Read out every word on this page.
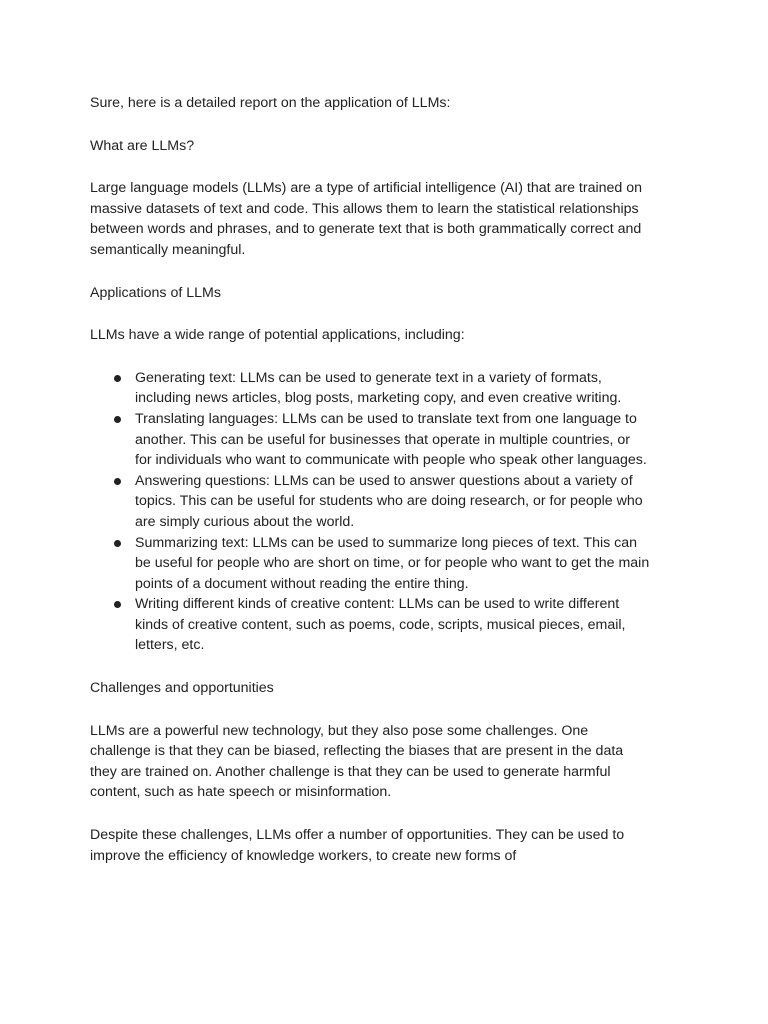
Sure, here is a detailed report on the application of LLMs:

What are LLMs?

Large language models (LLMs) are a type of artificial intelligence (AI) that are trained on massive datasets of text and code. This allows them to learn the statistical relationships between words and phrases, and to generate text that is both grammatically correct and semantically meaningful.

Applications of LLMs

LLMs have a wide range of potential applications, including:

Generating text: LLMs can be used to generate text in a variety of formats, including news articles, blog posts, marketing copy, and even creative writing.
Translating languages: LLMs can be used to translate text from one language to another. This can be useful for businesses that operate in multiple countries, or for individuals who want to communicate with people who speak other languages.
Answering questions: LLMs can be used to answer questions about a variety of topics. This can be useful for students who are doing research, or for people who are simply curious about the world.
Summarizing text: LLMs can be used to summarize long pieces of text. This can be useful for people who are short on time, or for people who want to get the main points of a document without reading the entire thing.
Writing different kinds of creative content: LLMs can be used to write different kinds of creative content, such as poems, code, scripts, musical pieces, email, letters, etc.

Challenges and opportunities

LLMs are a powerful new technology, but they also pose some challenges. One challenge is that they can be biased, reflecting the biases that are present in the data they are trained on. Another challenge is that they can be used to generate harmful content, such as hate speech or misinformation.

Despite these challenges, LLMs offer a number of opportunities. They can be used to improve the efficiency of knowledge workers, to create new forms of
